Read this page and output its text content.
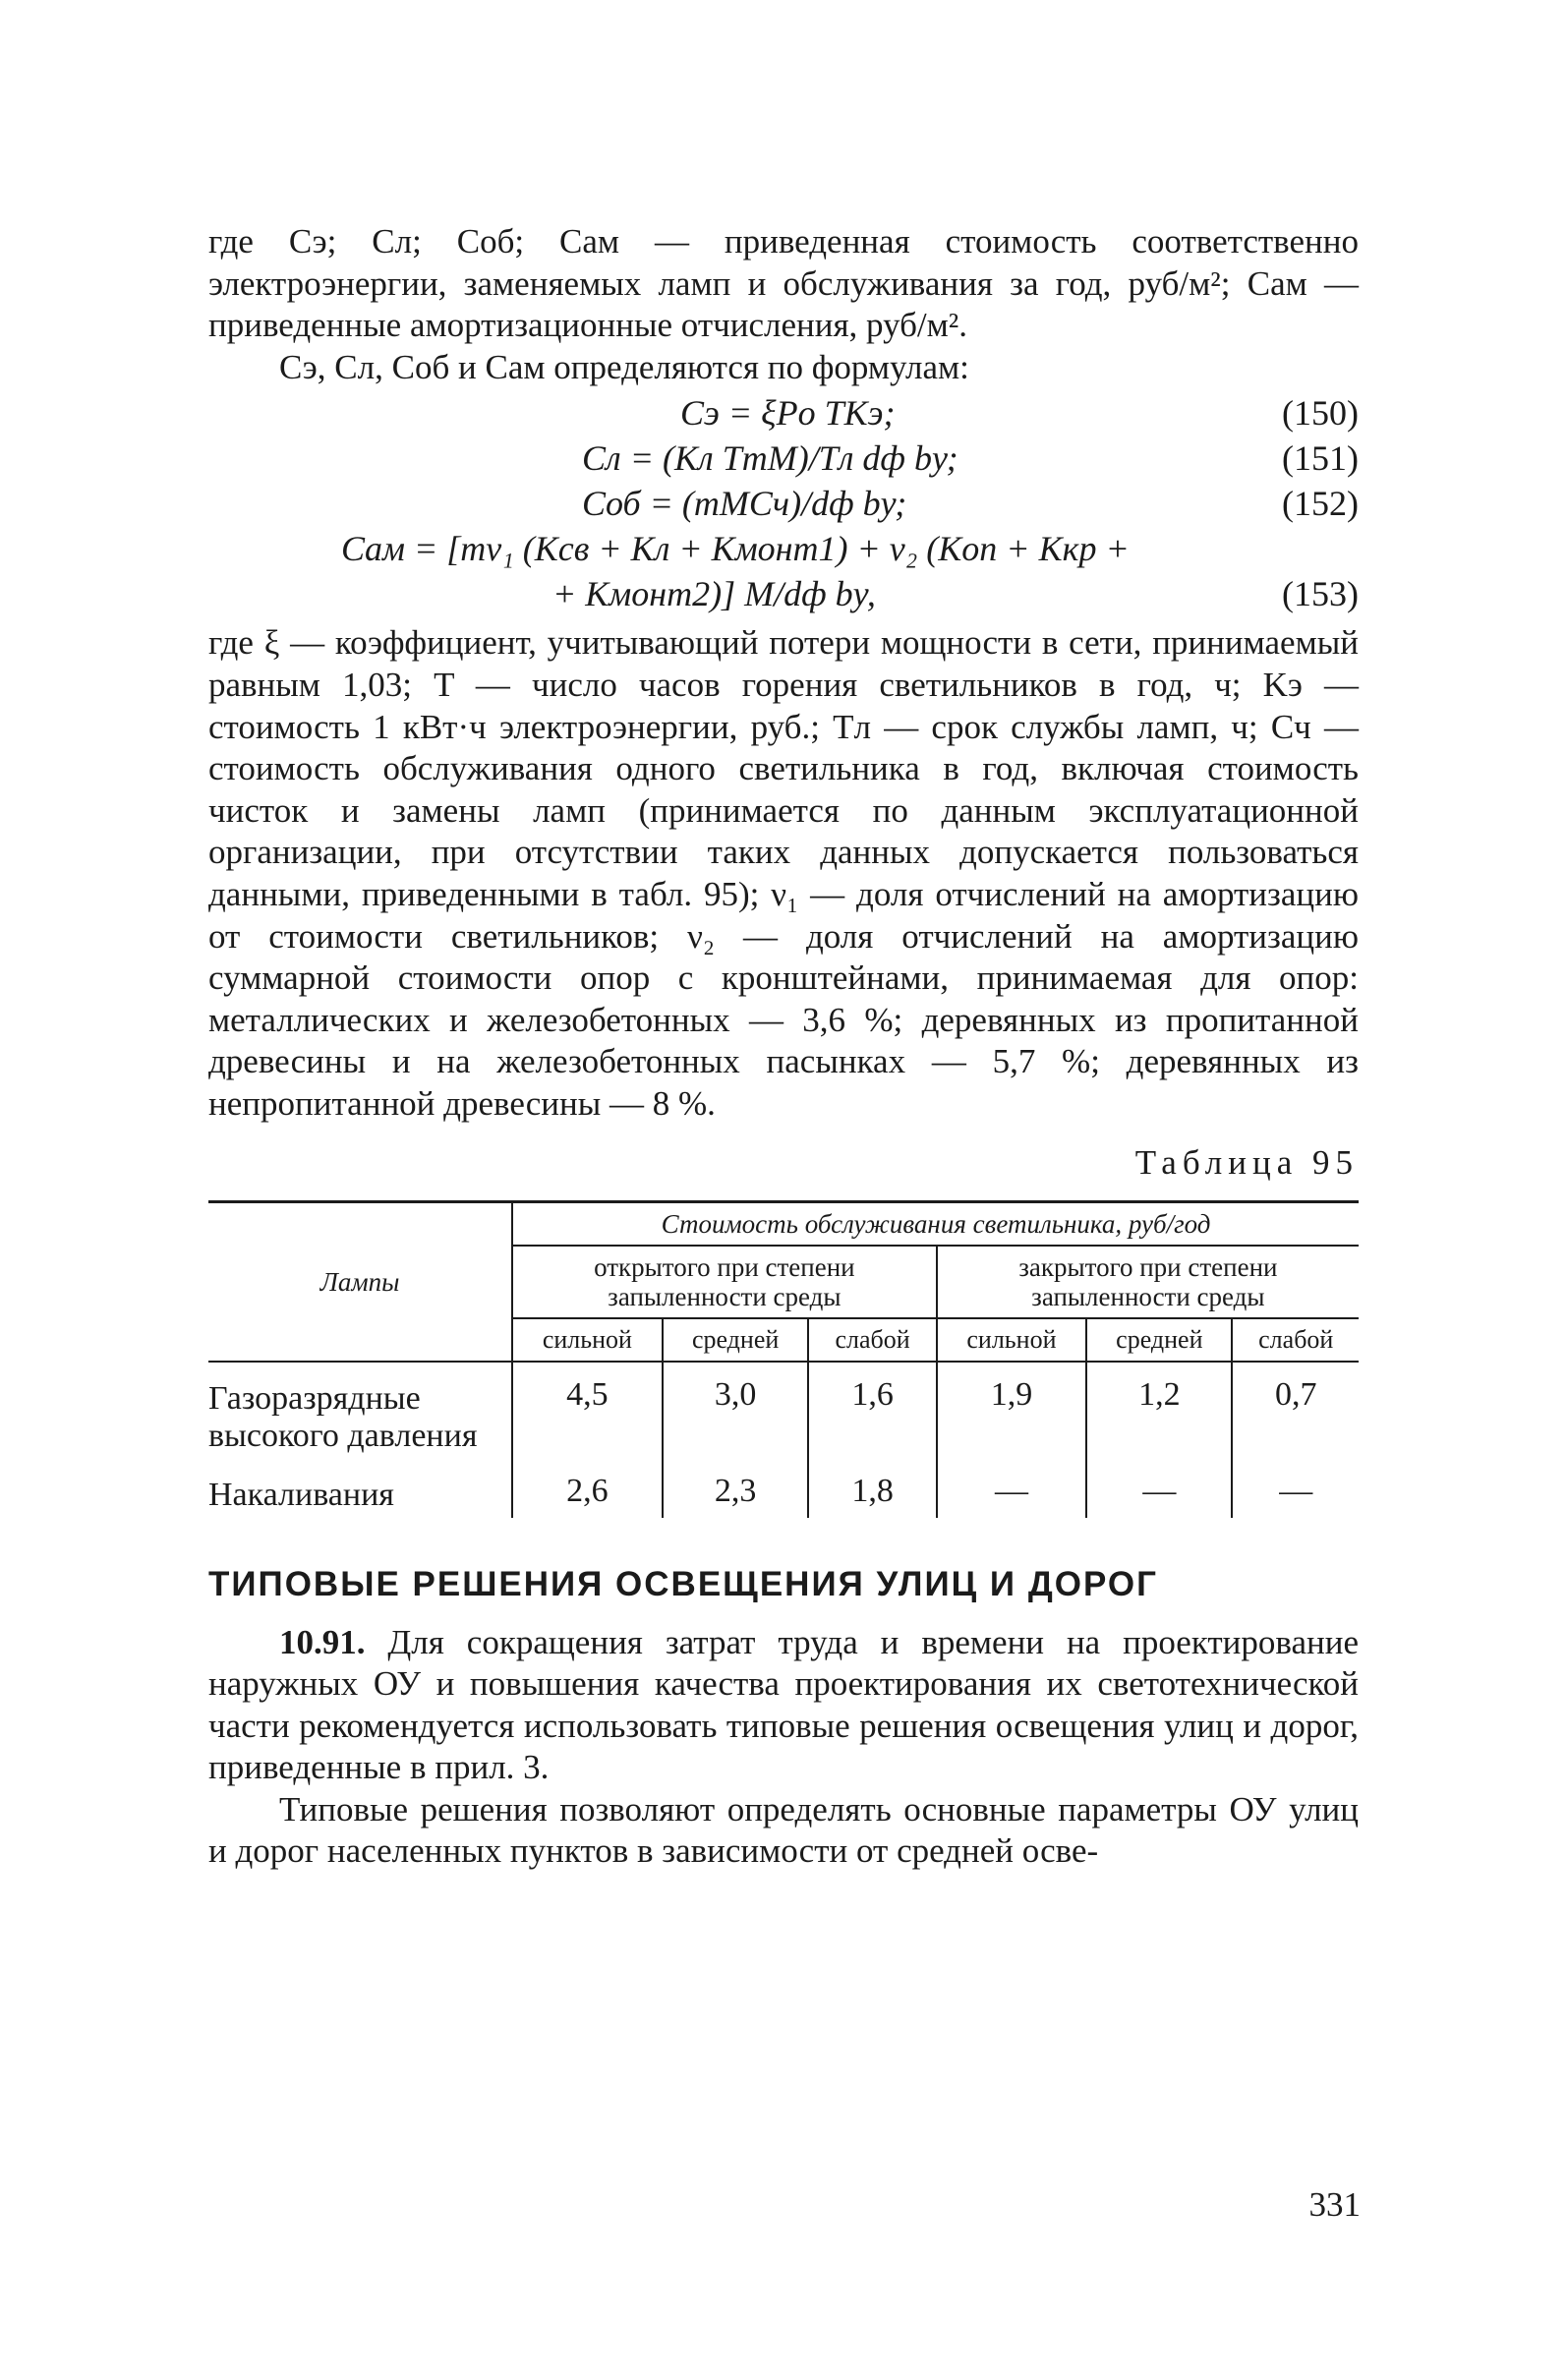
где Сэ; Сл; Соб; Сам — приведенная стоимость соответственно электроэнергии, заменяемых ламп и обслуживания за год, руб/м²; Сам — приведенные амортизационные отчисления, руб/м².

Сэ, Сл, Соб и Сам определяются по формулам:

Cэ = ξPо TKэ;	(150)
Cл = (Kл TmM)/Tл dф bу;	(151)
Cоб = (mMCч)/dф bу;	(152)
Cам = [mν₁ (Kсв + Kл + Kмонт1) + ν₂ (Kоп + Kкр +
+ Kмонт2)] M/dф bу,	(153)

где ξ — коэффициент, учитывающий потери мощности в сети, принимаемый равным 1,03; T — число часов горения светильников в год, ч; Kэ — стоимость 1 кВт·ч электроэнергии, руб.; Tл — срок службы ламп, ч; Cч — стоимость обслуживания одного светильника в год, включая стоимость чисток и замены ламп (принимается по данным эксплуатационной организации, при отсутствии таких данных допускается пользоваться данными, приведенными в табл. 95); ν₁ — доля отчислений на амортизацию от стоимости светильников; ν₂ — доля отчислений на амортизацию суммарной стоимости опор с кронштейнами, принимаемая для опор: металлических и железобетонных — 3,6 %; деревянных из пропитанной древесины и на железобетонных пасынках — 5,7 %; деревянных из непропитанной древесины — 8 %.

Таблица 95
Лампы	Стоимость обслуживания светильника, руб/год					
	открытого при степени запыленности среды			закрытого при степени запыленности среды		
	сильной	средней	слабой	сильной	средней	слабой
Газоразрядные высокого давления	4,5	3,0	1,6	1,9	1,2	0,7
Накаливания	2,6	2,3	1,8	—	—	—
ТИПОВЫЕ РЕШЕНИЯ ОСВЕЩЕНИЯ УЛИЦ И ДОРОГ

10.91. Для сокращения затрат труда и времени на проектирование наружных ОУ и повышения качества проектирования их светотехнической части рекомендуется использовать типовые решения освещения улиц и дорог, приведенные в прил. 3.

Типовые решения позволяют определять основные параметры ОУ улиц и дорог населенных пунктов в зависимости от средней осве-

331
